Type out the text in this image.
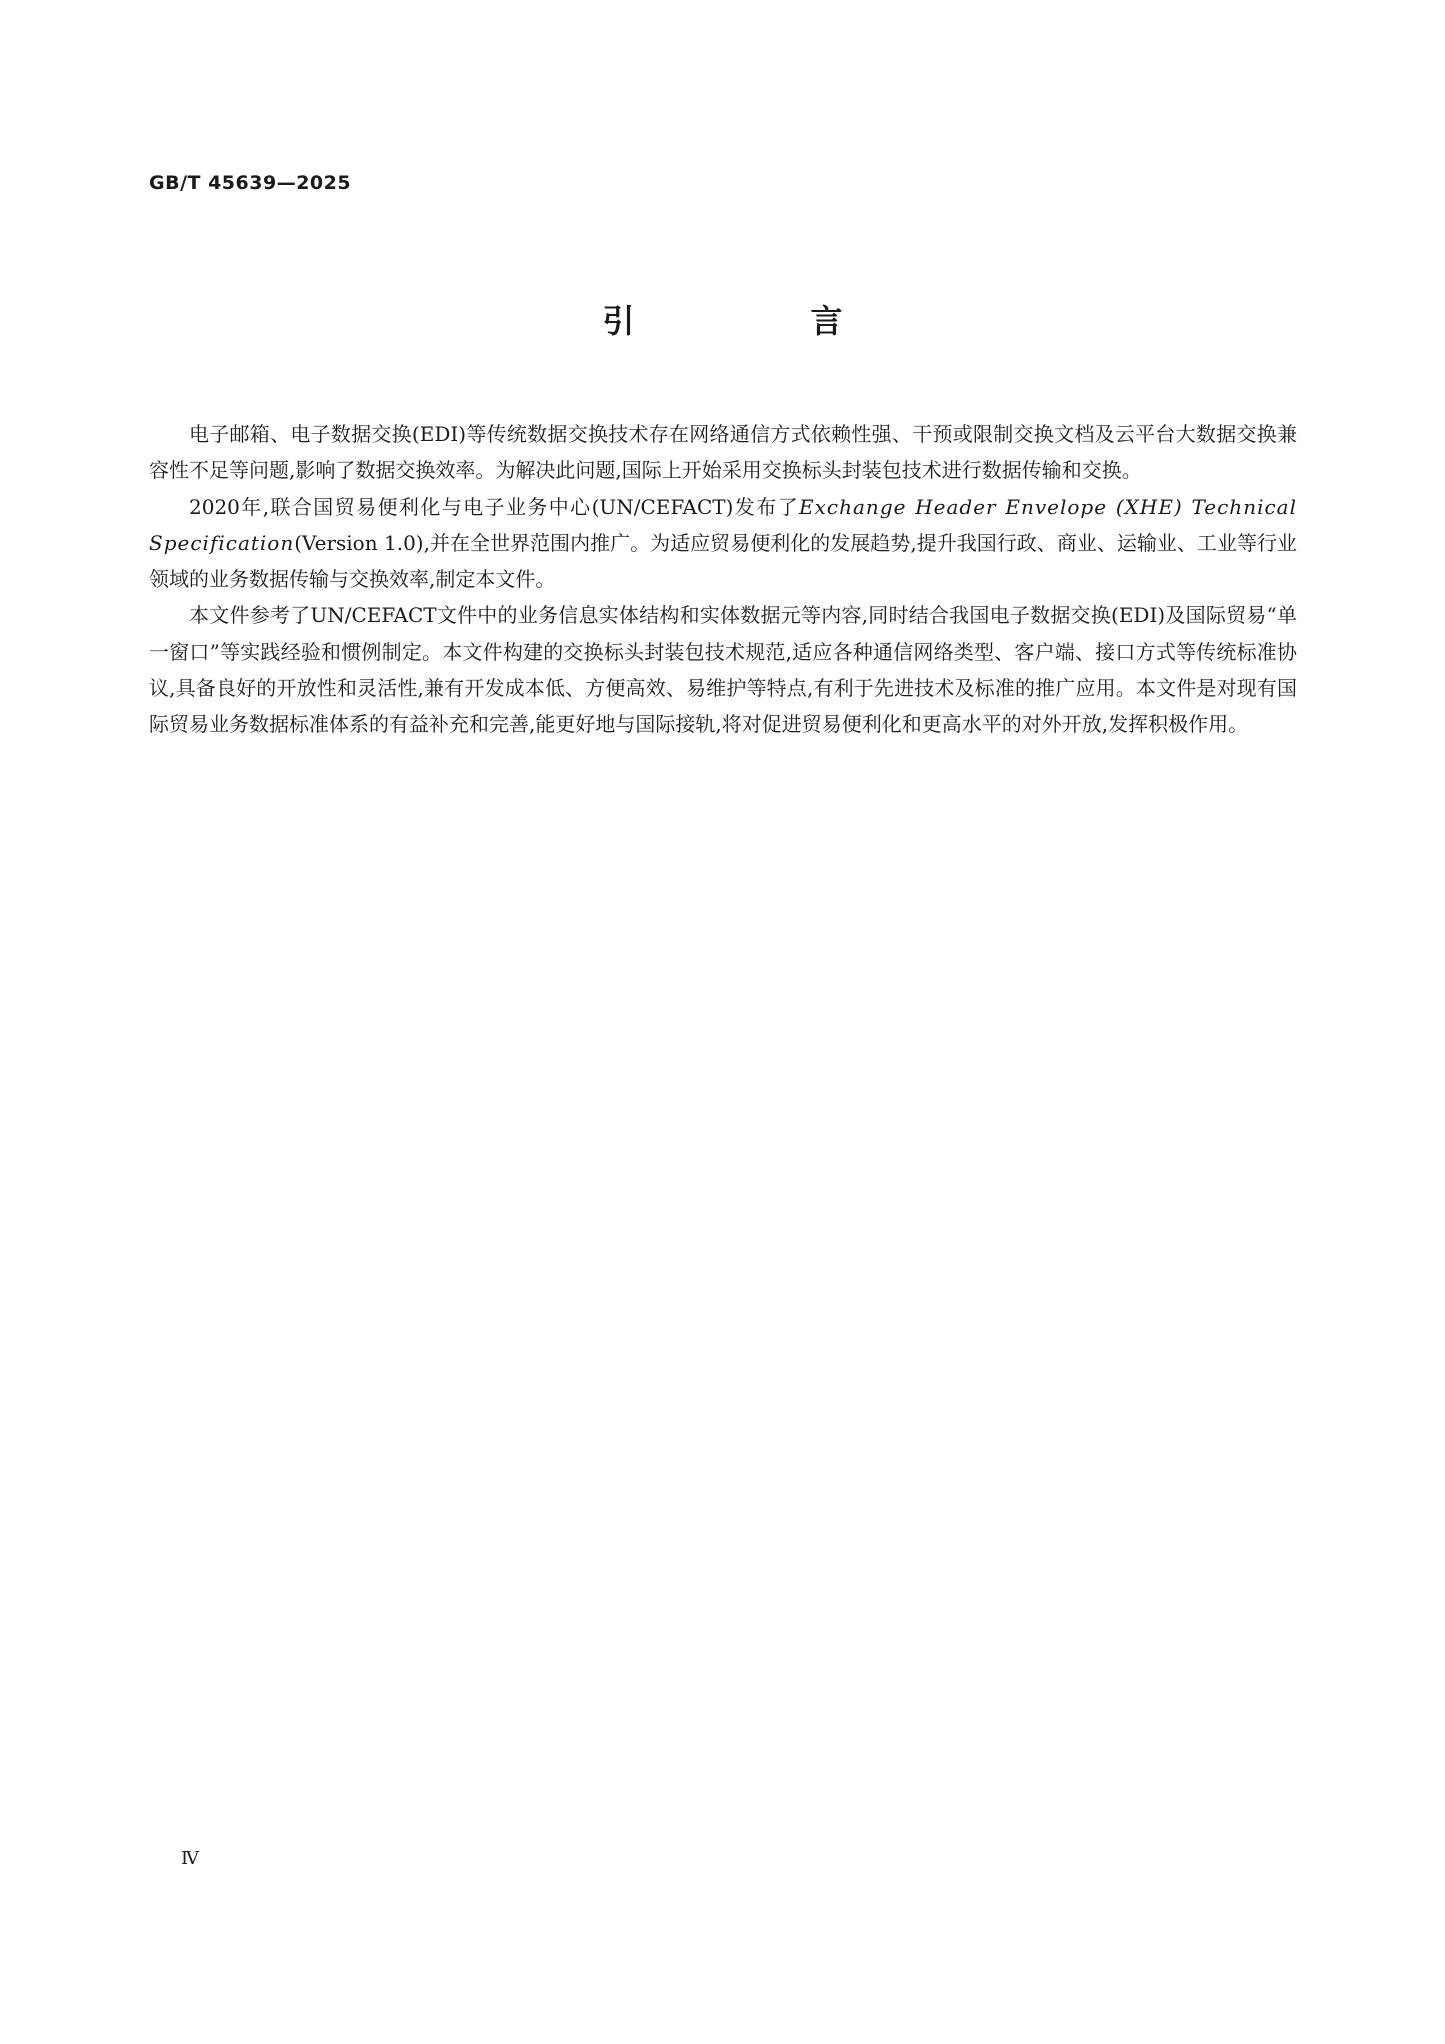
GB/T 45639—2025
引　言

电子邮箱、电子数据交换(EDI)等传统数据交换技术存在网络通信方式依赖性强、干预或限制交换文档及云平台大数据交换兼容性不足等问题,影响了数据交换效率。为解决此问题,国际上开始采用交换标头封装包技术进行数据传输和交换。

2020年,联合国贸易便利化与电子业务中心(UN/CEFACT)发布了Exchange Header Envelope (XHE) Technical Specification(Version 1.0),并在全世界范围内推广。为适应贸易便利化的发展趋势,提升我国行政、商业、运输业、工业等行业领域的业务数据传输与交换效率,制定本文件。

本文件参考了UN/CEFACT文件中的业务信息实体结构和实体数据元等内容,同时结合我国电子数据交换(EDI)及国际贸易“单一窗口”等实践经验和惯例制定。本文件构建的交换标头封装包技术规范,适应各种通信网络类型、客户端、接口方式等传统标准协议,具备良好的开放性和灵活性,兼有开发成本低、方便高效、易维护等特点,有利于先进技术及标准的推广应用。本文件是对现有国际贸易业务数据标准体系的有益补充和完善,能更好地与国际接轨,将对促进贸易便利化和更高水平的对外开放,发挥积极作用。

Ⅳ
